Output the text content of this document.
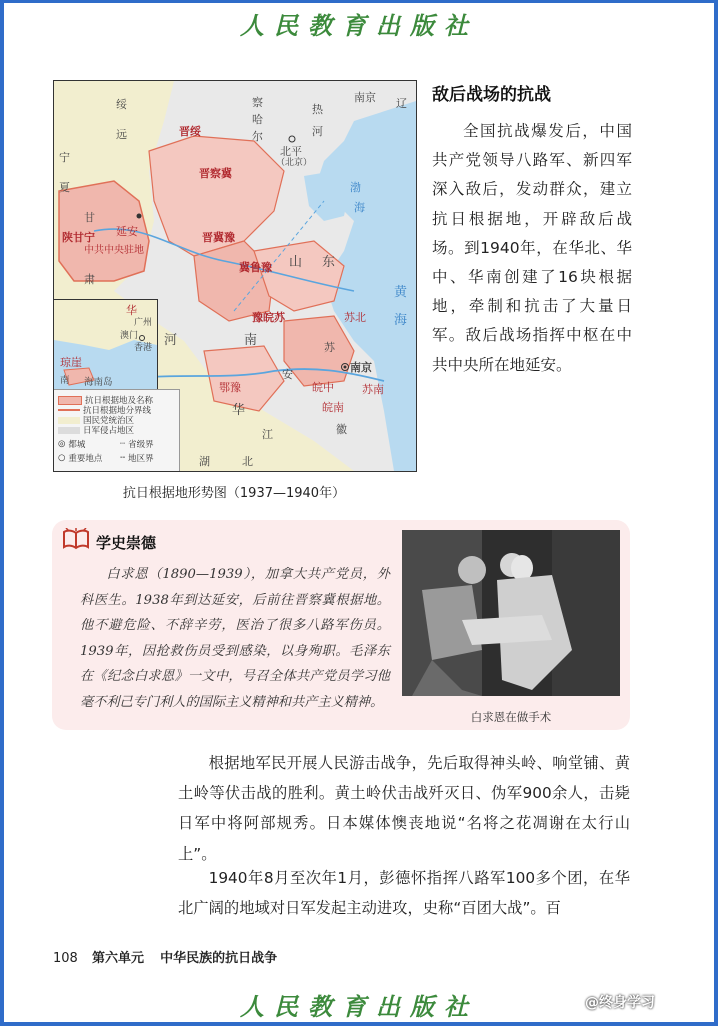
人民教育出版社
绥
远
宁
夏
察
哈
尔
热
河
辽
南京
北平
（北京）
晋绥
晋察冀
陕甘宁 延安
中共中央驻地
晋冀豫
冀鲁豫 山 东
豫皖苏	苏北
苏
皖中	苏南
皖南
南京
鄂豫
华
河	南
安
徽
湖	北
江
黄
海
渤
海
甘
肃
华
广州
澳门
香港
琼崖
海南岛
南
抗日根据地及名称
抗日根据地分界线
国民党统治区
日军侵占地区
◎ 都城	┈ 省级界
○ 重要地点 ╌ 地区界
抗日根据地形势图（1937—1940年）
敌后战场的抗战
全国抗战爆发后，中国共产党领导八路军、新四军深入敌后，发动群众，建立抗日根据地，开辟敌后战场。到1940年，在华北、华中、华南创建了16块根据地，牵制和抗击了大量日军。敌后战场指挥中枢在中共中央所在地延安。
学史崇德
白求恩（1890—1939），加拿大共产党员，外科医生。1938年到达延安，后前往晋察冀根据地。他不避危险、不辞辛劳，医治了很多八路军伤员。1939年，因抢救伤员受到感染，以身殉职。毛泽东在《纪念白求恩》一文中，号召全体共产党员学习他毫不利己专门利人的国际主义精神和共产主义精神。
白求恩在做手术
根据地军民开展人民游击战争，先后取得神头岭、响堂铺、黄土岭等伏击战的胜利。黄土岭伏击战歼灭日、伪军900余人，击毙日军中将阿部规秀。日本媒体懊丧地说“名将之花凋谢在太行山上”。
1940年8月至次年1月，彭德怀指挥八路军100多个团，在华北广阔的地域对日军发起主动进攻，史称“百团大战”。百
108 第六单元 中华民族的抗日战争
人民教育出版社	@终身学习
